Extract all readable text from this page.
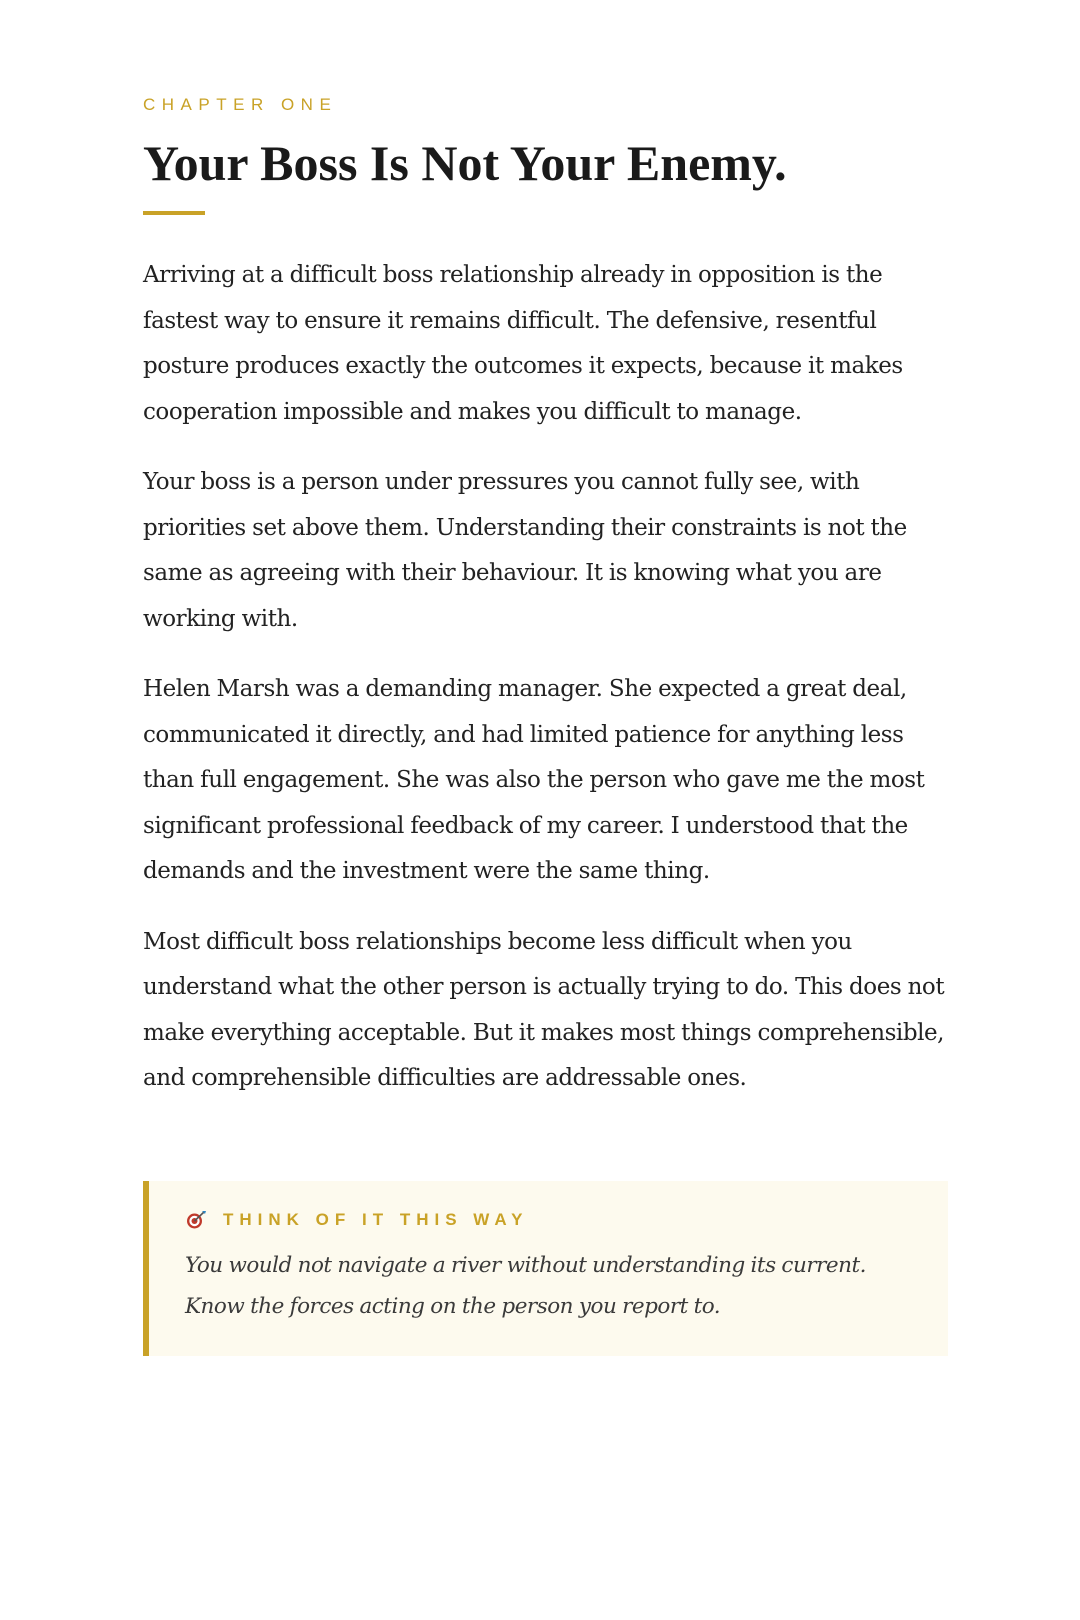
CHAPTER ONE
Your Boss Is Not Your Enemy.

Arriving at a difficult boss relationship already in opposition is the fastest way to ensure it remains difficult. The defensive, resentful posture produces exactly the outcomes it expects, because it makes cooperation impossible and makes you difficult to manage.

Your boss is a person under pressures you cannot fully see, with priorities set above them. Understanding their constraints is not the same as agreeing with their behaviour. It is knowing what you are working with.

Helen Marsh was a demanding manager. She expected a great deal, communicated it directly, and had limited patience for anything less than full engagement. She was also the person who gave me the most significant professional feedback of my career. I understood that the demands and the investment were the same thing.

Most difficult boss relationships become less difficult when you understand what the other person is actually trying to do. This does not make everything acceptable. But it makes most things comprehensible, and comprehensible difficulties are addressable ones.

THINK OF IT THIS WAY

You would not navigate a river without understanding its current. Know the forces acting on the person you report to.
